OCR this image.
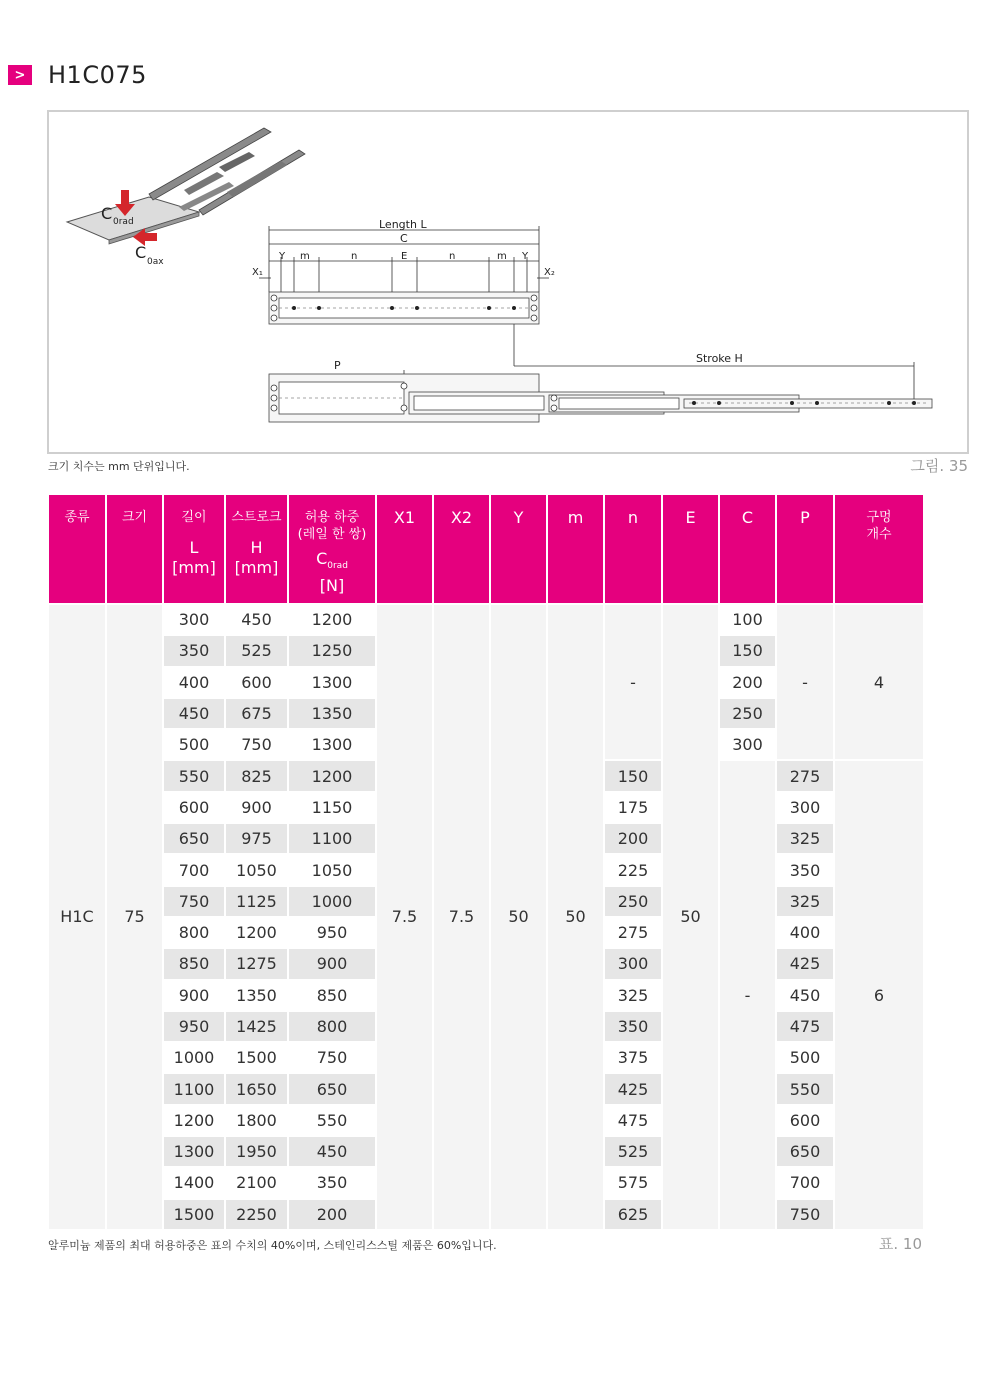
> H1C075
C 0rad
C 0ax
Length L
C
Y m	n	E	n	m Y
X₁	X₂
P
Stroke H
크기 치수는 mm 단위입니다.	그림. 35
종류	크기	길이
L
[mm]	스트로크
H
[mm]	허용 하중
(레일 한 쌍)
$C_{0rad}$
[N]	X1	X2	Y	m	n	E	C	P	구멍
개수
H1C	75	300	450	1200	7.5	7.5	50	50	-	50	100	-	4
		350	525	1250							150		
		400	600	1300							200		
		450	675	1350							250		
		500	750	1300							300		
		550	825	1200					150		-	275	6
		600	900	1150					175			300	
		650	975	1100					200			325	
		700	1050	1050					225			350	
		750	1125	1000					250			325	
		800	1200	950					275			400	
		850	1275	900					300			425	
		900	1350	850					325			450	
		950	1425	800					350			475	
		1000	1500	750					375			500	
		1100	1650	650					425			550	
		1200	1800	550					475			600	
		1300	1950	450					525			650	
		1400	2100	350					575			700	
		1500	2250	200					625			750	
알루미늄 제품의 최대 허용하중은 표의 수치의 40%이며, 스테인리스스틸 제품은 60%입니다.	표. 10
